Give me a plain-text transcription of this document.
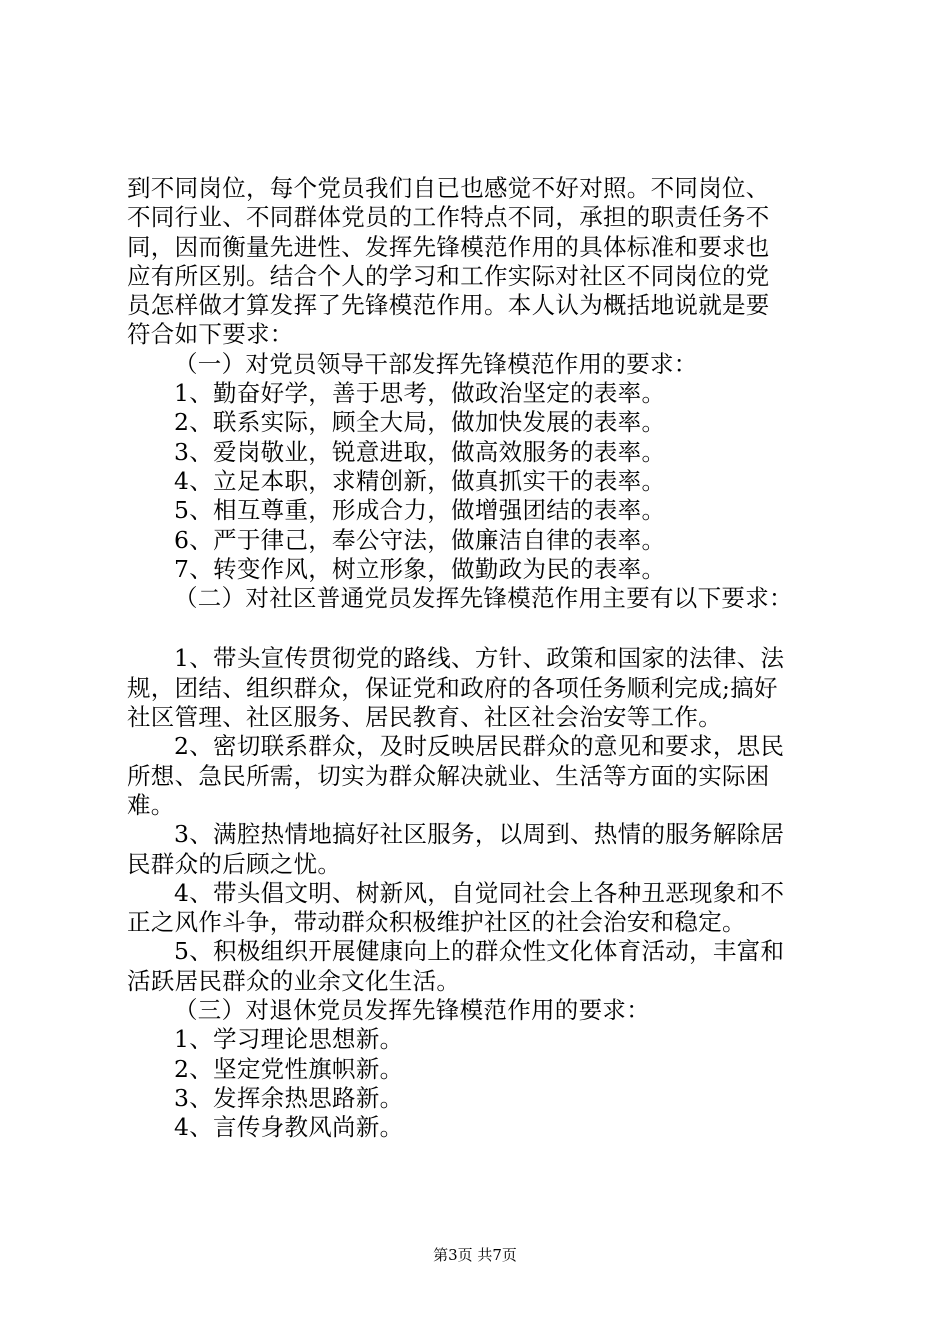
到不同岗位，每个党员我们自已也感觉不好对照。不同岗位、
不同行业、不同群体党员的工作特点不同，承担的职责任务不
同，因而衡量先进性、发挥先锋模范作用的具体标准和要求也
应有所区别。结合个人的学习和工作实际对社区不同岗位的党
员怎样做才算发挥了先锋模范作用。本人认为概括地说就是要
符合如下要求：
（一）对党员领导干部发挥先锋模范作用的要求：
1、勤奋好学，善于思考，做政治坚定的表率。
2、联系实际，顾全大局，做加快发展的表率。
3、爱岗敬业，锐意进取，做高效服务的表率。
4、立足本职，求精创新，做真抓实干的表率。
5、相互尊重，形成合力，做增强团结的表率。
6、严于律己，奉公守法，做廉洁自律的表率。
7、转变作风，树立形象，做勤政为民的表率。
（二）对社区普通党员发挥先锋模范作用主要有以下要求：
1、带头宣传贯彻党的路线、方针、政策和国家的法律、法
规，团结、组织群众，保证党和政府的各项任务顺利完成;搞好
社区管理、社区服务、居民教育、社区社会治安等工作。
2、密切联系群众，及时反映居民群众的意见和要求，思民
所想、急民所需，切实为群众解决就业、生活等方面的实际困
难。
3、满腔热情地搞好社区服务，以周到、热情的服务解除居
民群众的后顾之忧。
4、带头倡文明、树新风，自觉同社会上各种丑恶现象和不
正之风作斗争，带动群众积极维护社区的社会治安和稳定。
5、积极组织开展健康向上的群众性文化体育活动，丰富和
活跃居民群众的业余文化生活。
（三）对退休党员发挥先锋模范作用的要求：
1、学习理论思想新。
2、坚定党性旗帜新。
3、发挥余热思路新。
4、言传身教风尚新。
第3页 共7页
